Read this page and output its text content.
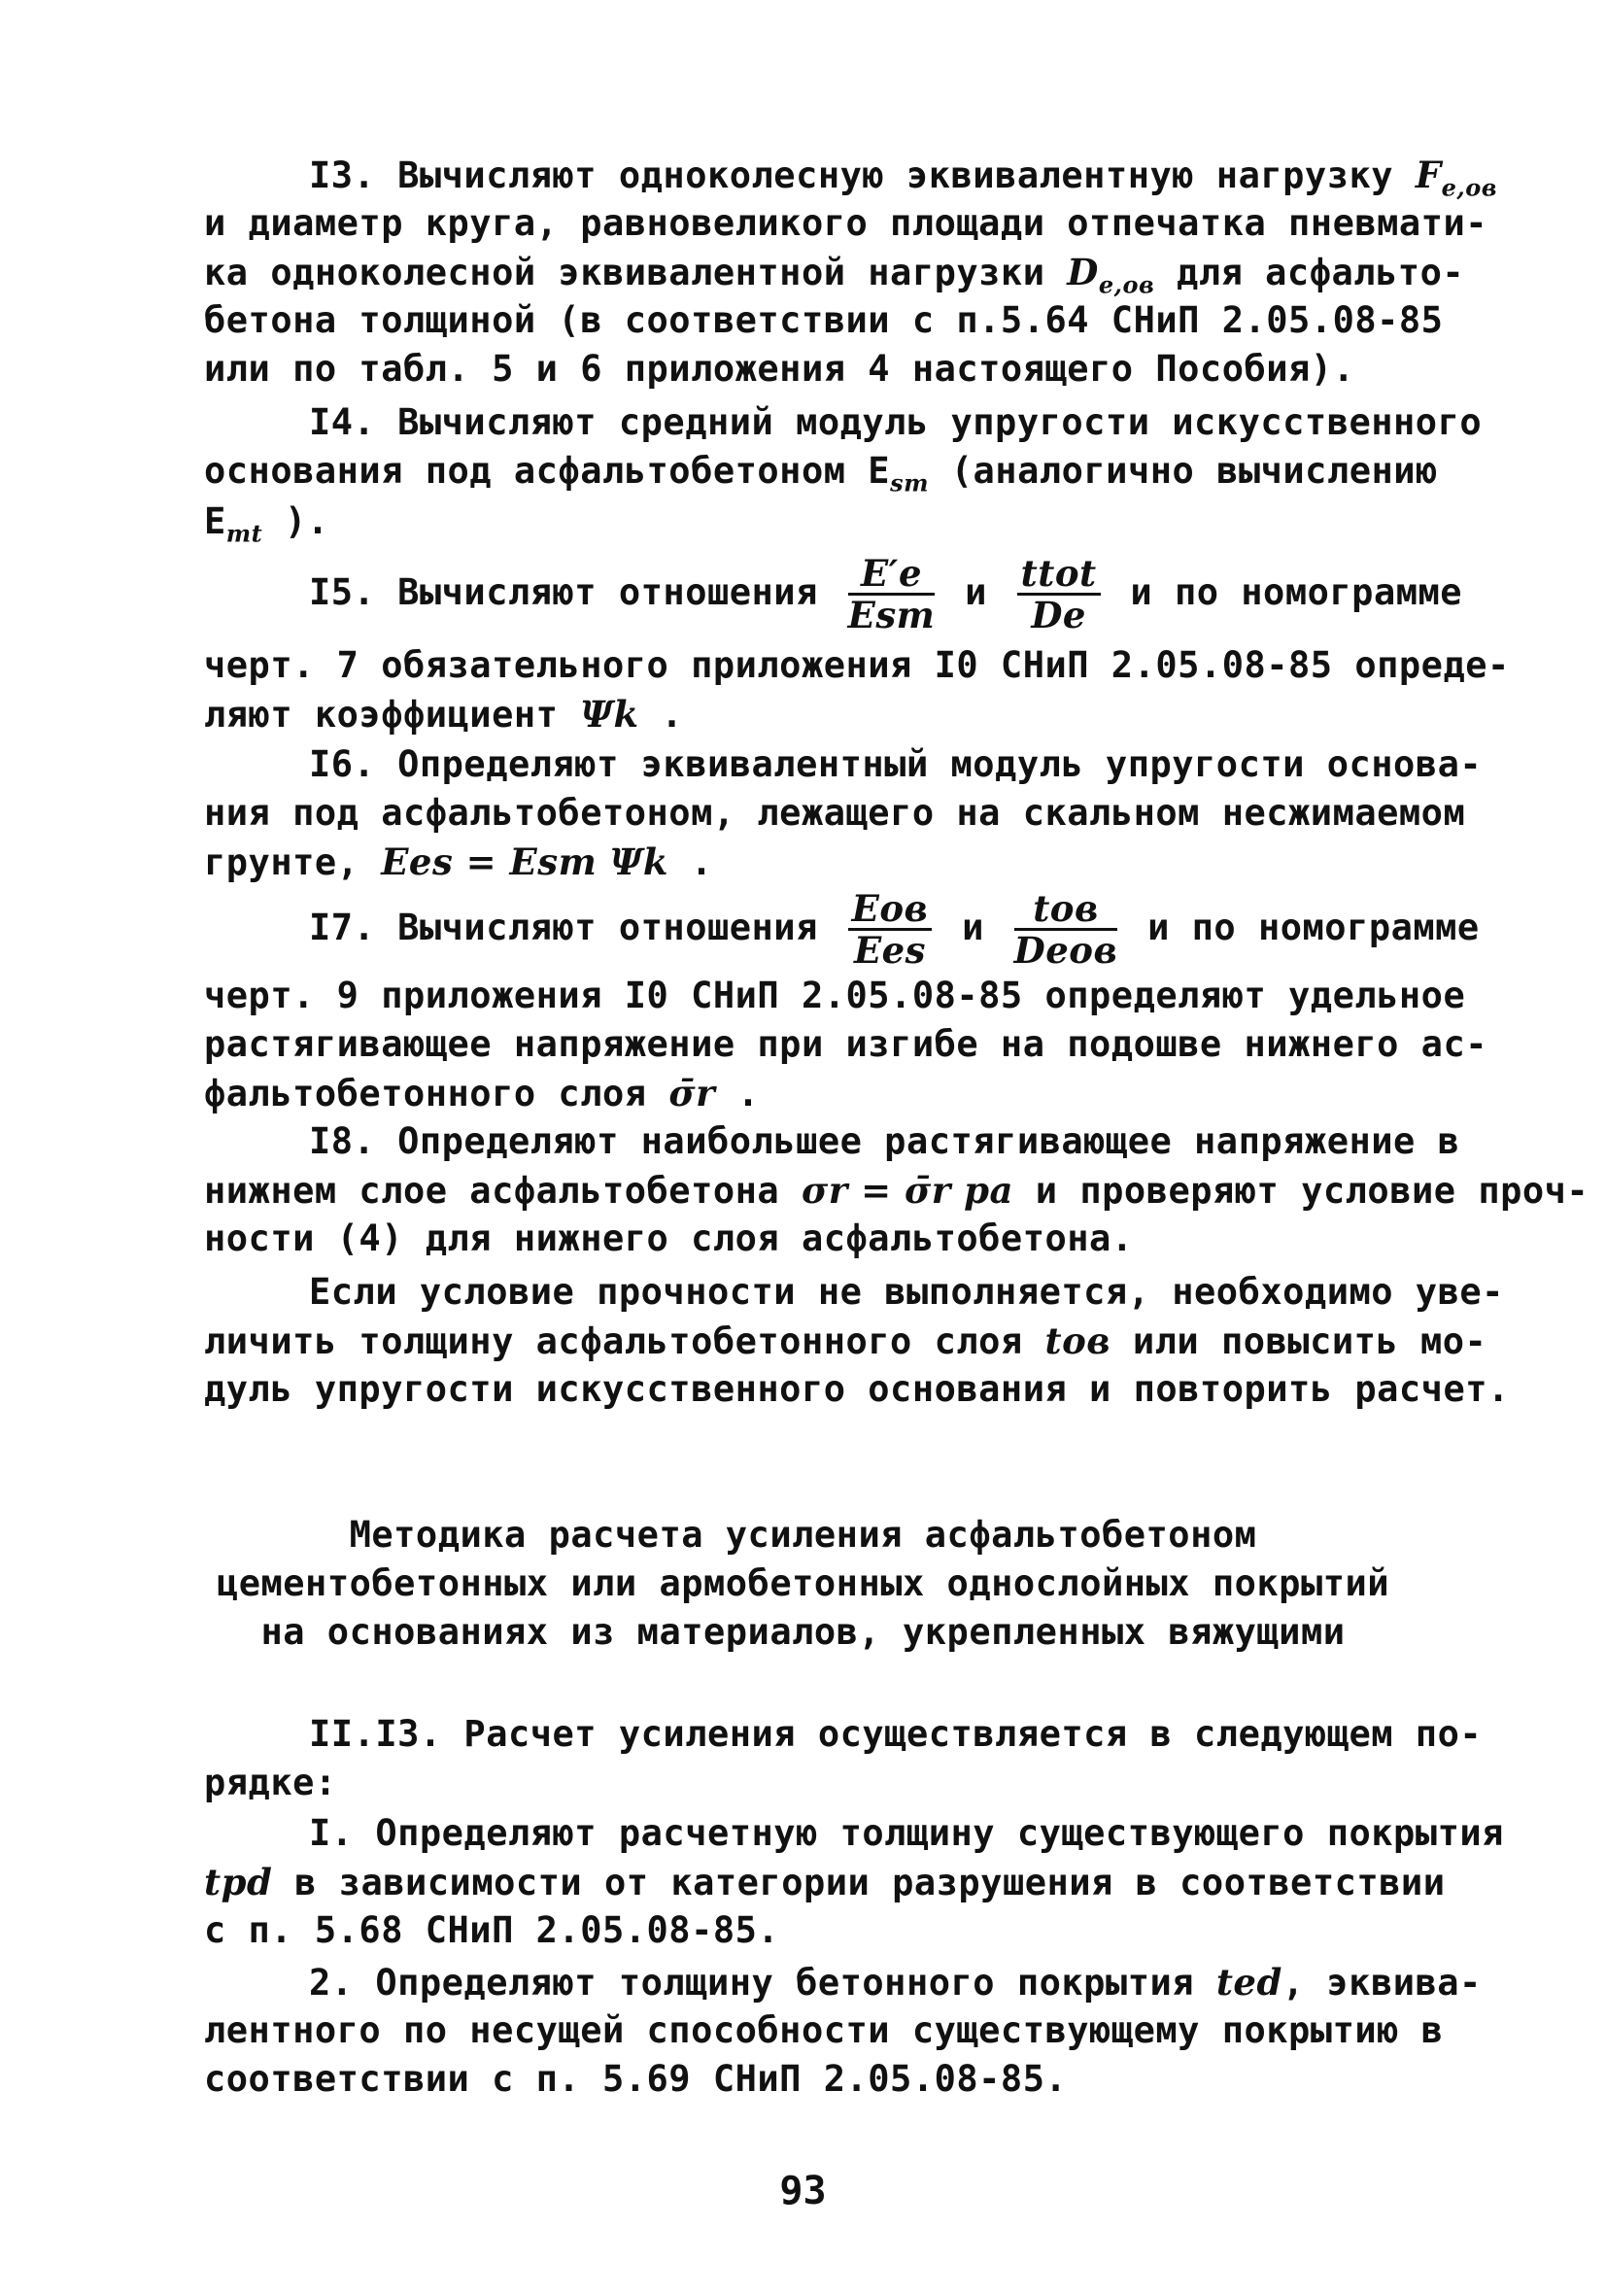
I3. Вычисляют одноколесную эквивалентную нагрузку $F_{e,ов}$
и диаметр круга, равновеликого площади отпечатка пневмати-
ка одноколесной эквивалентной нагрузки $D_{e,ов}$ для асфальто-
бетона толщиной (в соответствии с п.5.64 СНиП 2.05.08-85
или по табл. 5 и 6 приложения 4 настоящего Пособия).
I4. Вычисляют средний модуль упругости искусственного
основания под асфальтобетоном $E_{sm}$ (аналогично вычислению
$E_{mt}$ ).
I5. Вычисляют отношения $\frac{E'e}{\text{Esm}}$ и $\frac{\text{ttot}}{De}$ и по номограмме
черт. 7 обязательного приложения I0 СНиП 2.05.08-85 опреде-
ляют коэффициент Ψk .
I6. Определяют эквивалентный модуль упругости основа-
ния под асфальтобетоном, лежащего на скальном несжимаемом
грунте, Ees = Esm Ψk .
I7. Вычисляют отношения $\frac{\text{Eов}}{\text{Ees}}$ и $\frac{\text{tов}}{\text{Deов}}$ и по номограмме
черт. 9 приложения I0 СНиП 2.05.08-85 определяют удельное
растягивающее напряжение при изгибе на подошве нижнего ас-
фальтобетонного слоя σ̄r .
I8. Определяют наибольшее растягивающее напряжение в
нижнем слое асфальтобетона σr = σ̄r pa и проверяют условие проч-
ности (4) для нижнего слоя асфальтобетона.
Если условие прочности не выполняется, необходимо уве-
личить толщину асфальтобетонного слоя tов или повысить мо-
дуль упругости искусственного основания и повторить расчет.
Методика расчета усиления асфальтобетоном
цементобетонных или армобетонных однослойных покрытий
на основаниях из материалов, укрепленных вяжущими
II.I3. Расчет усиления осуществляется в следующем по-
рядке:
I. Определяют расчетную толщину существующего покрытия
tpd в зависимости от категории разрушения в соответствии
с п. 5.68 СНиП 2.05.08-85.
2. Определяют толщину бетонного покрытия ted, эквива-
лентного по несущей способности существующему покрытию в
соответствии с п. 5.69 СНиП 2.05.08-85.
93
